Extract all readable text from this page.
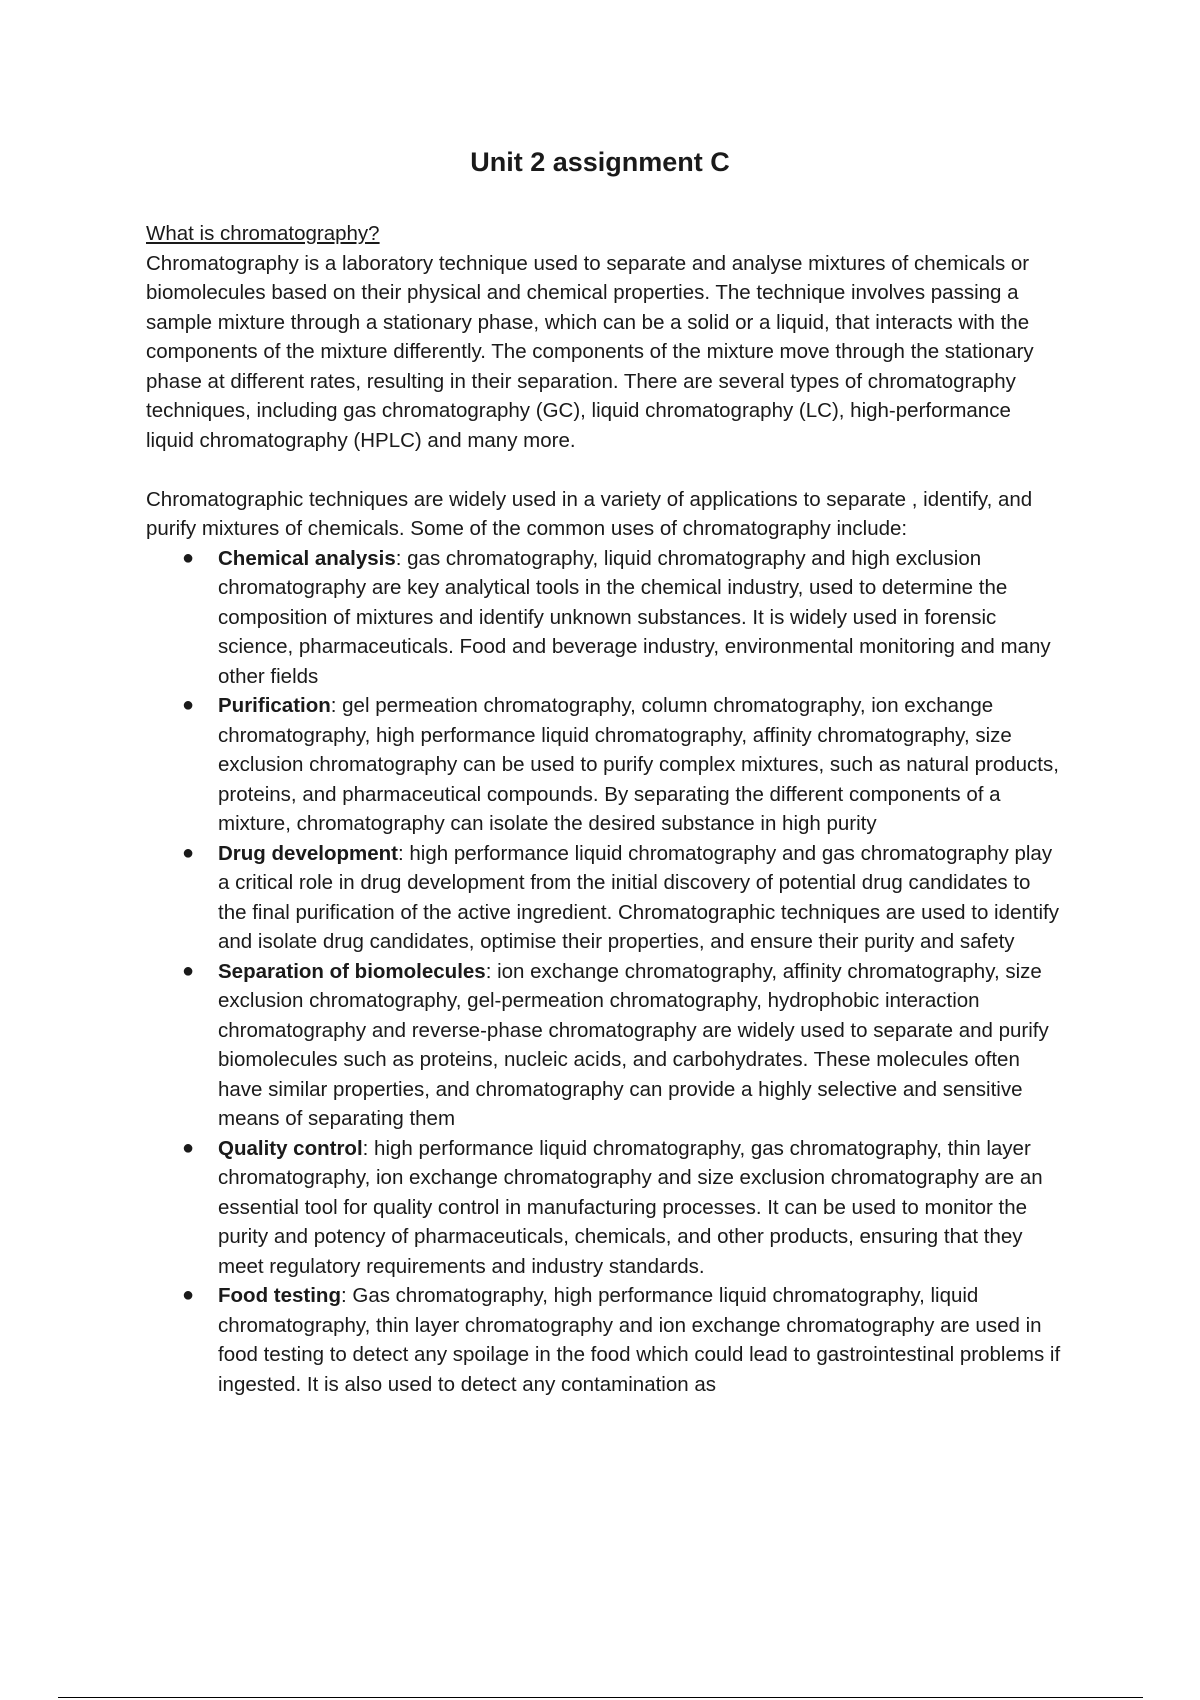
Unit 2 assignment C

What is chromatography?

Chromatography is a laboratory technique used to separate and analyse mixtures of chemicals or biomolecules based on their physical and chemical properties. The technique involves passing a sample mixture through a stationary phase, which can be a solid or a liquid, that interacts with the components of the mixture differently. The components of the mixture move through the stationary phase at different rates, resulting in their separation. There are several types of chromatography techniques, including gas chromatography (GC), liquid chromatography (LC), high-performance liquid chromatography (HPLC) and many more.

Chromatographic techniques are widely used in a variety of applications to separate , identify, and purify mixtures of chemicals. Some of the common uses of chromatography include:

● Chemical analysis: gas chromatography, liquid chromatography and high exclusion chromatography are key analytical tools in the chemical industry, used to determine the composition of mixtures and identify unknown substances. It is widely used in forensic science, pharmaceuticals. Food and beverage industry, environmental monitoring and many other fields
● Purification: gel permeation chromatography, column chromatography, ion exchange chromatography, high performance liquid chromatography, affinity chromatography, size exclusion chromatography can be used to purify complex mixtures, such as natural products, proteins, and pharmaceutical compounds. By separating the different components of a mixture, chromatography can isolate the desired substance in high purity
● Drug development: high performance liquid chromatography and gas chromatography play a critical role in drug development from the initial discovery of potential drug candidates to the final purification of the active ingredient. Chromatographic techniques are used to identify and isolate drug candidates, optimise their properties, and ensure their purity and safety
● Separation of biomolecules: ion exchange chromatography, affinity chromatography, size exclusion chromatography, gel-permeation chromatography, hydrophobic interaction chromatography and reverse-phase chromatography are widely used to separate and purify biomolecules such as proteins, nucleic acids, and carbohydrates. These molecules often have similar properties, and chromatography can provide a highly selective and sensitive means of separating them
● Quality control: high performance liquid chromatography, gas chromatography, thin layer chromatography, ion exchange chromatography and size exclusion chromatography are an essential tool for quality control in manufacturing processes. It can be used to monitor the purity and potency of pharmaceuticals, chemicals, and other products, ensuring that they meet regulatory requirements and industry standards.
● Food testing: Gas chromatography, high performance liquid chromatography, liquid chromatography, thin layer chromatography and ion exchange chromatography are used in food testing to detect any spoilage in the food which could lead to gastrointestinal problems if ingested. It is also used to detect any contamination as
